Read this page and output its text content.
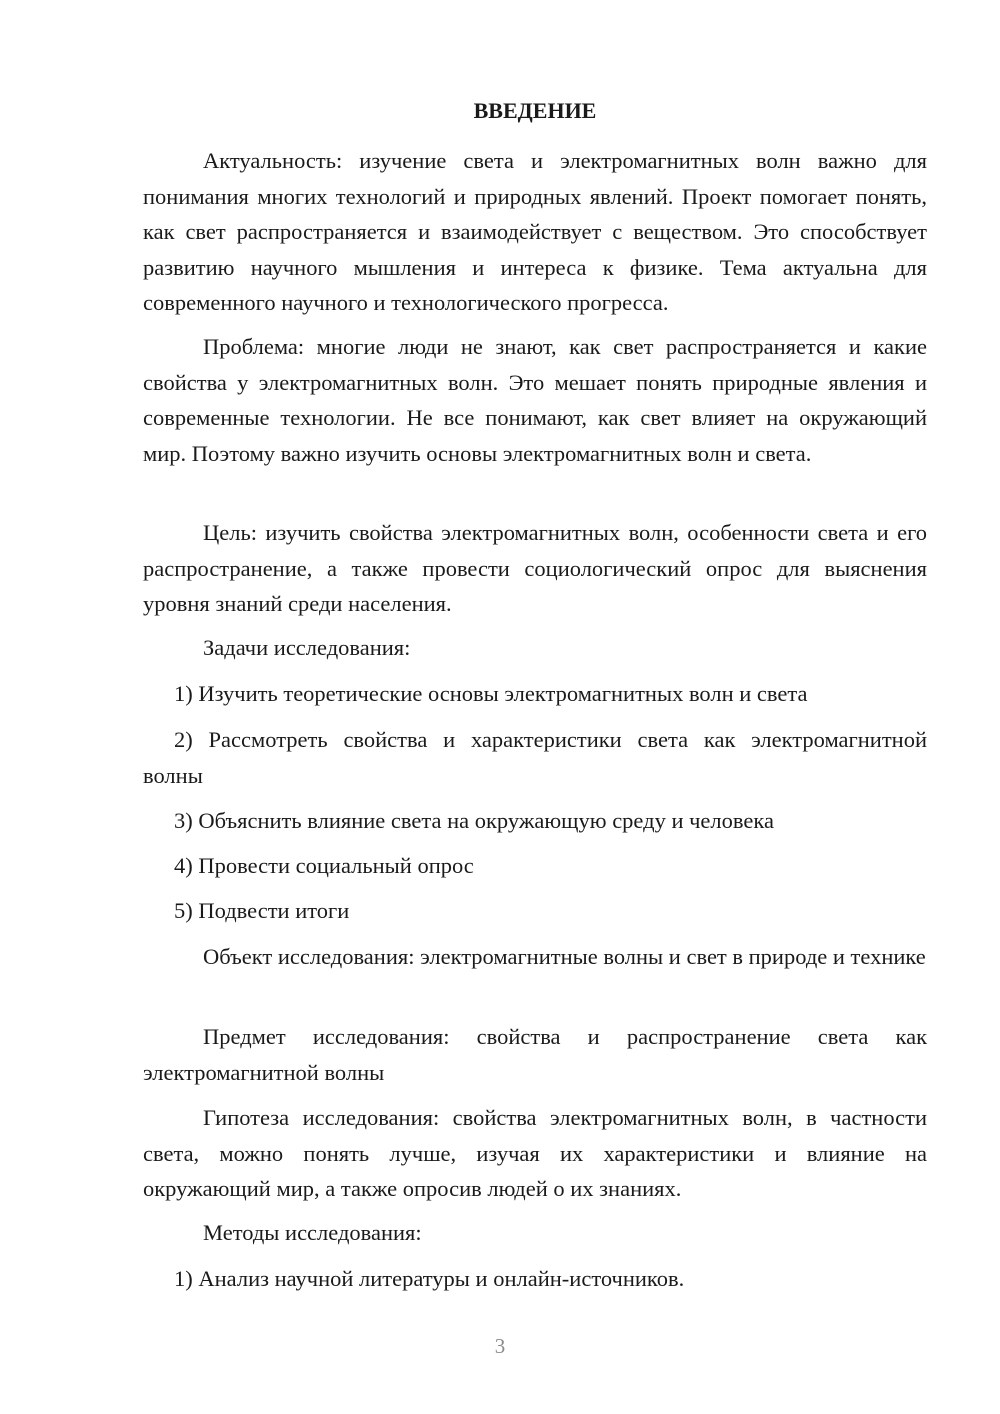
ВВЕДЕНИЕ

Актуальность: изучение света и электромагнитных волн важно для понимания многих технологий и природных явлений. Проект помогает понять, как свет распространяется и взаимодействует с веществом. Это способствует развитию научного мышления и интереса к физике. Тема актуальна для современного научного и технологического прогресса.

Проблема: многие люди не знают, как свет распространяется и какие свойства у электромагнитных волн. Это мешает понять природные явления и современные технологии. Не все понимают, как свет влияет на окружающий мир. Поэтому важно изучить основы электромагнитных волн и света.

Цель: изучить свойства электромагнитных волн, особенности света и его распространение, а также провести социологический опрос для выяснения уровня знаний среди населения.

Задачи исследования:

1) Изучить теоретические основы электромагнитных волн и света

2) Рассмотреть свойства и характеристики света как электромагнитной волны

3) Объяснить влияние света на окружающую среду и человека

4) Провести социальный опрос

5) Подвести итоги

Объект исследования: электромагнитные волны и свет в природе и технике

Предмет исследования: свойства и распространение света как электромагнитной волны

Гипотеза исследования: свойства электромагнитных волн, в частности света, можно понять лучше, изучая их характеристики и влияние на окружающий мир, а также опросив людей о их знаниях.

Методы исследования:

1) Анализ научной литературы и онлайн-источников.

3
